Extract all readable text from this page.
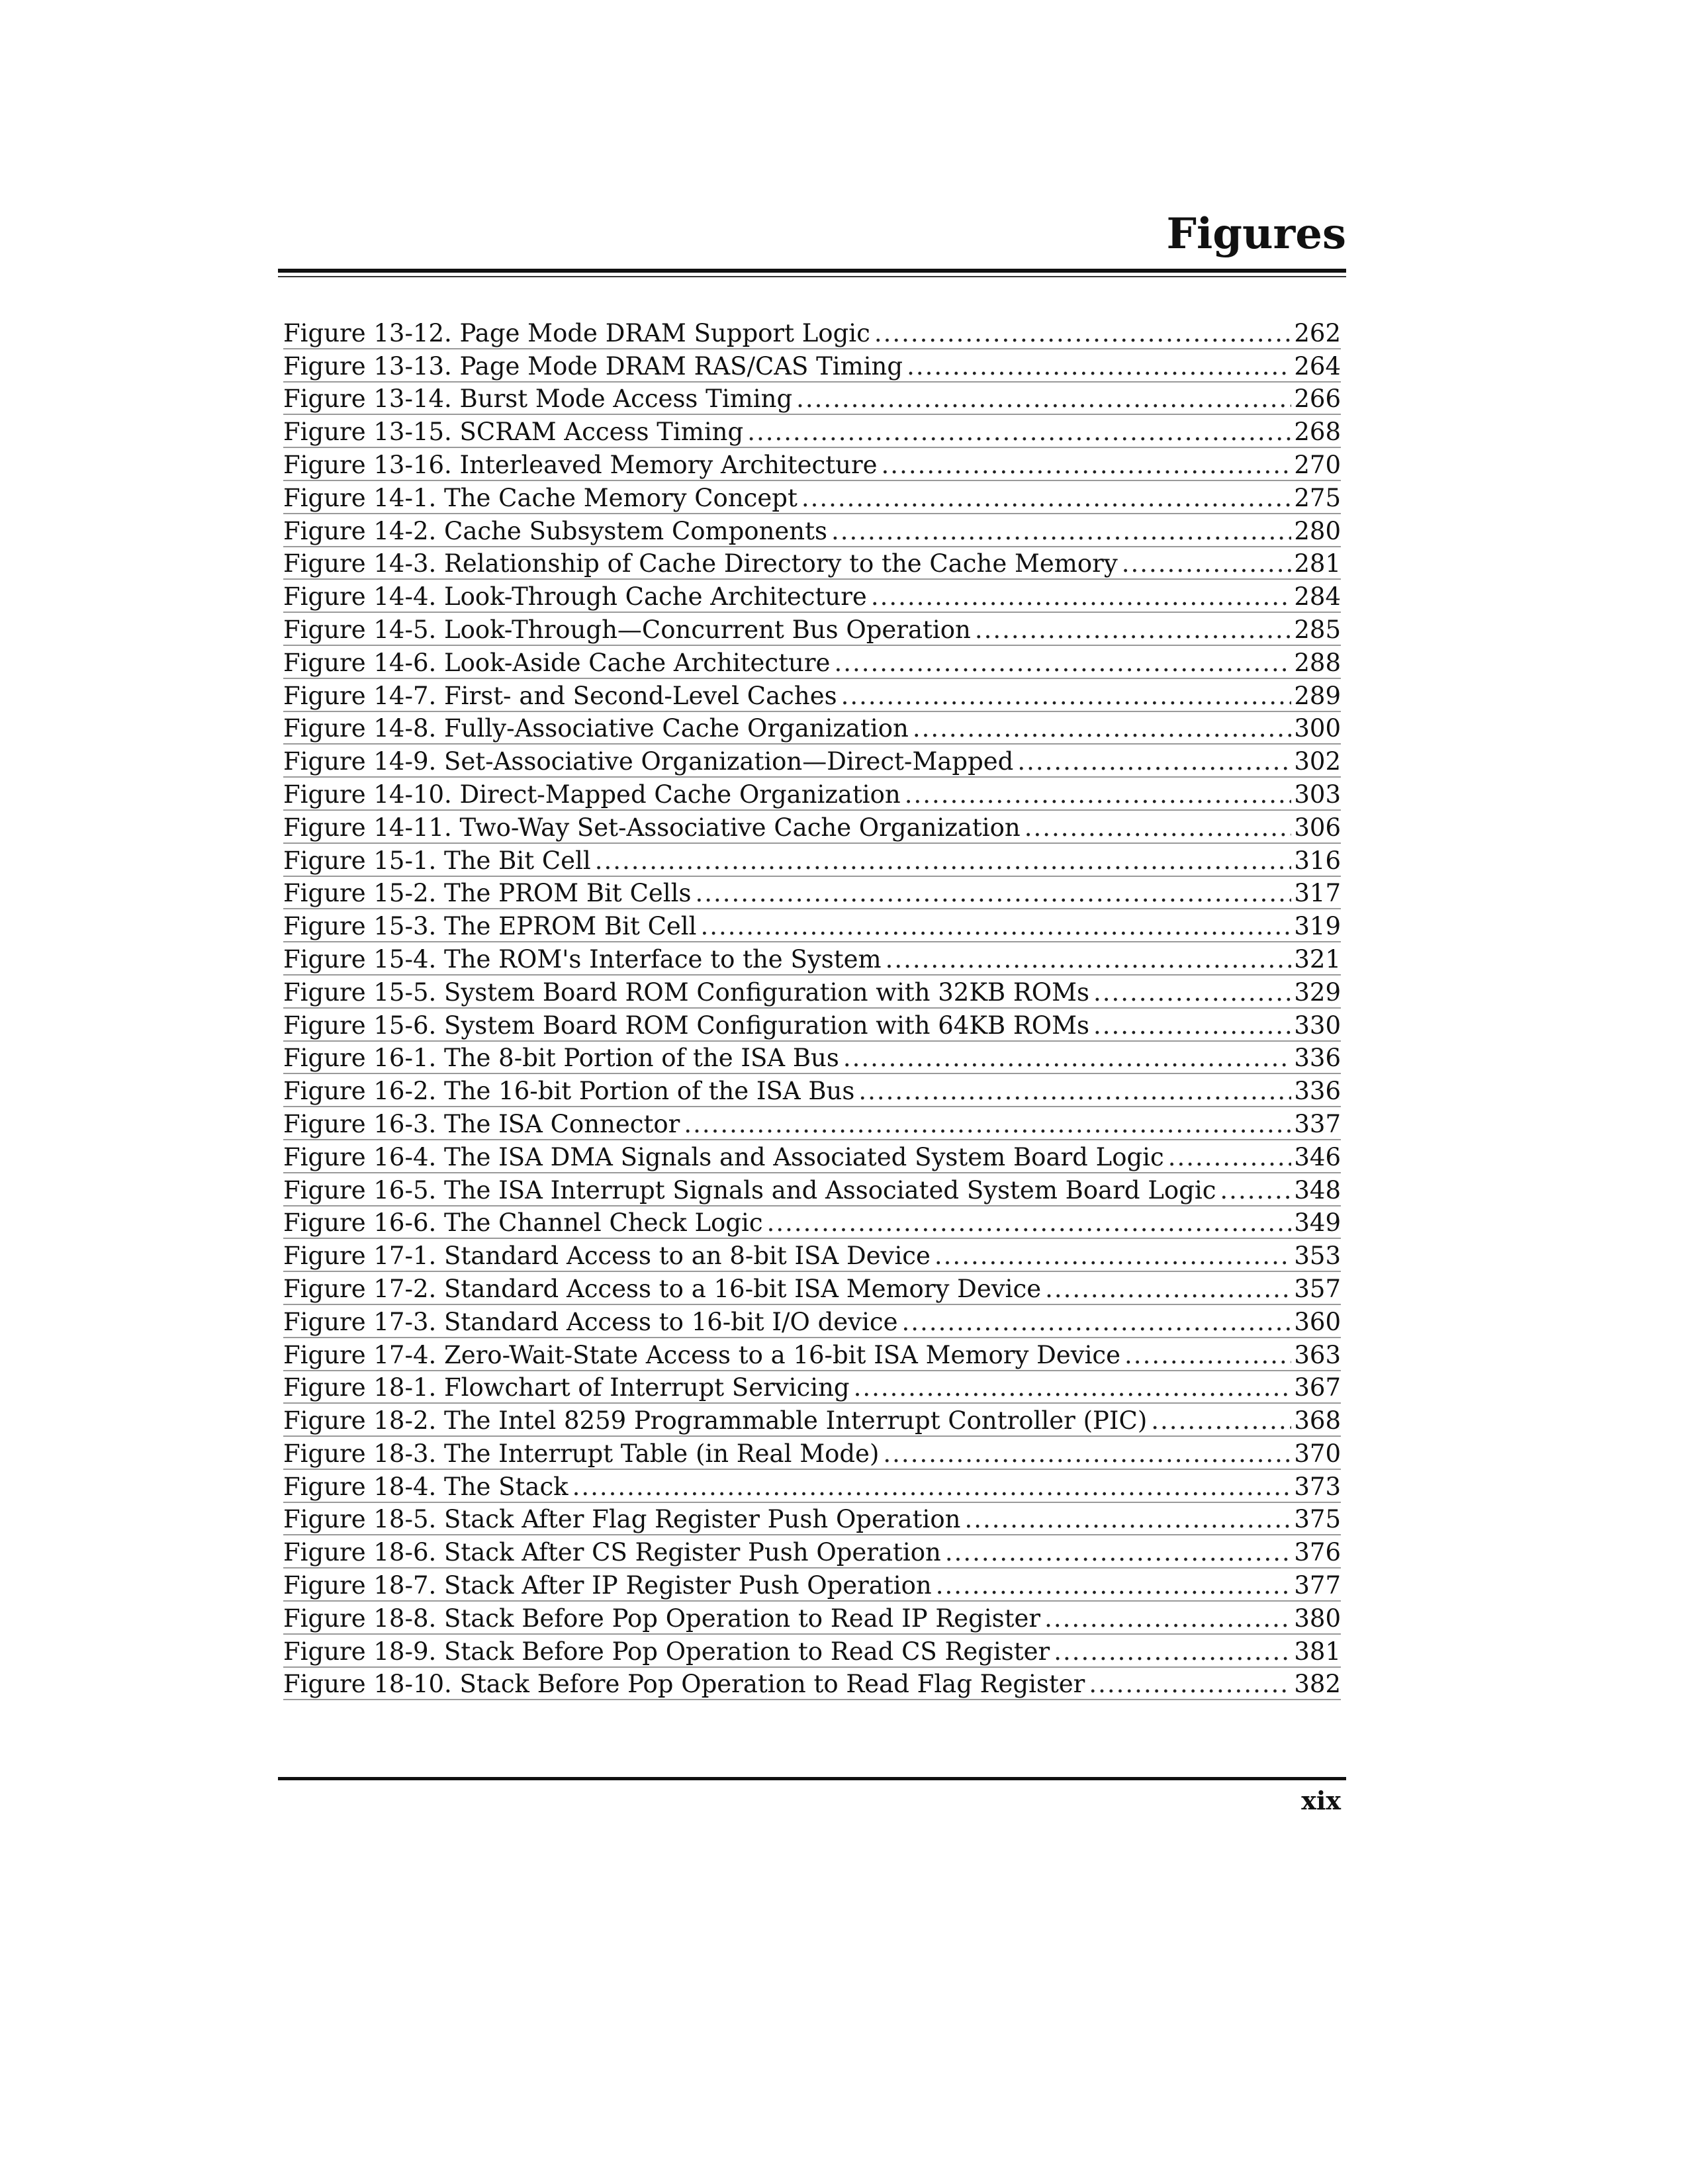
Figures
Figure 13-12. Page Mode DRAM Support Logic .....	262
Figure 13-13. Page Mode DRAM RAS/CAS Timing .....	264
Figure 13-14. Burst Mode Access Timing .....	266
Figure 13-15. SCRAM Access Timing .....	268
Figure 13-16. Interleaved Memory Architecture .....	270
Figure 14-1. The Cache Memory Concept .....	275
Figure 14-2. Cache Subsystem Components .....	280
Figure 14-3. Relationship of Cache Directory to the Cache Memory .....	281
Figure 14-4. Look-Through Cache Architecture .....	284
Figure 14-5. Look-Through—Concurrent Bus Operation .....	285
Figure 14-6. Look-Aside Cache Architecture .....	288
Figure 14-7. First- and Second-Level Caches .....	289
Figure 14-8. Fully-Associative Cache Organization .....	300
Figure 14-9. Set-Associative Organization—Direct-Mapped .....	302
Figure 14-10. Direct-Mapped Cache Organization .....	303
Figure 14-11. Two-Way Set-Associative Cache Organization .....	306
Figure 15-1. The Bit Cell .....	316
Figure 15-2. The PROM Bit Cells .....	317
Figure 15-3. The EPROM Bit Cell .....	319
Figure 15-4. The ROM's Interface to the System .....	321
Figure 15-5. System Board ROM Configuration with 32KB ROMs .....	329
Figure 15-6. System Board ROM Configuration with 64KB ROMs .....	330
Figure 16-1. The 8-bit Portion of the ISA Bus .....	336
Figure 16-2. The 16-bit Portion of the ISA Bus .....	336
Figure 16-3. The ISA Connector .....	337
Figure 16-4. The ISA DMA Signals and Associated System Board Logic .....	346
Figure 16-5. The ISA Interrupt Signals and Associated System Board Logic .....	348
Figure 16-6. The Channel Check Logic .....	349
Figure 17-1. Standard Access to an 8-bit ISA Device .....	353
Figure 17-2. Standard Access to a 16-bit ISA Memory Device .....	357
Figure 17-3. Standard Access to 16-bit I/O device .....	360
Figure 17-4. Zero-Wait-State Access to a 16-bit ISA Memory Device .....	363
Figure 18-1. Flowchart of Interrupt Servicing .....	367
Figure 18-2. The Intel 8259 Programmable Interrupt Controller (PIC) .....	368
Figure 18-3. The Interrupt Table (in Real Mode) .....	370
Figure 18-4. The Stack .....	373
Figure 18-5. Stack After Flag Register Push Operation .....	375
Figure 18-6. Stack After CS Register Push Operation .....	376
Figure 18-7. Stack After IP Register Push Operation .....	377
Figure 18-8. Stack Before Pop Operation to Read IP Register .....	380
Figure 18-9. Stack Before Pop Operation to Read CS Register .....	381
Figure 18-10. Stack Before Pop Operation to Read Flag Register .....	382
xix
